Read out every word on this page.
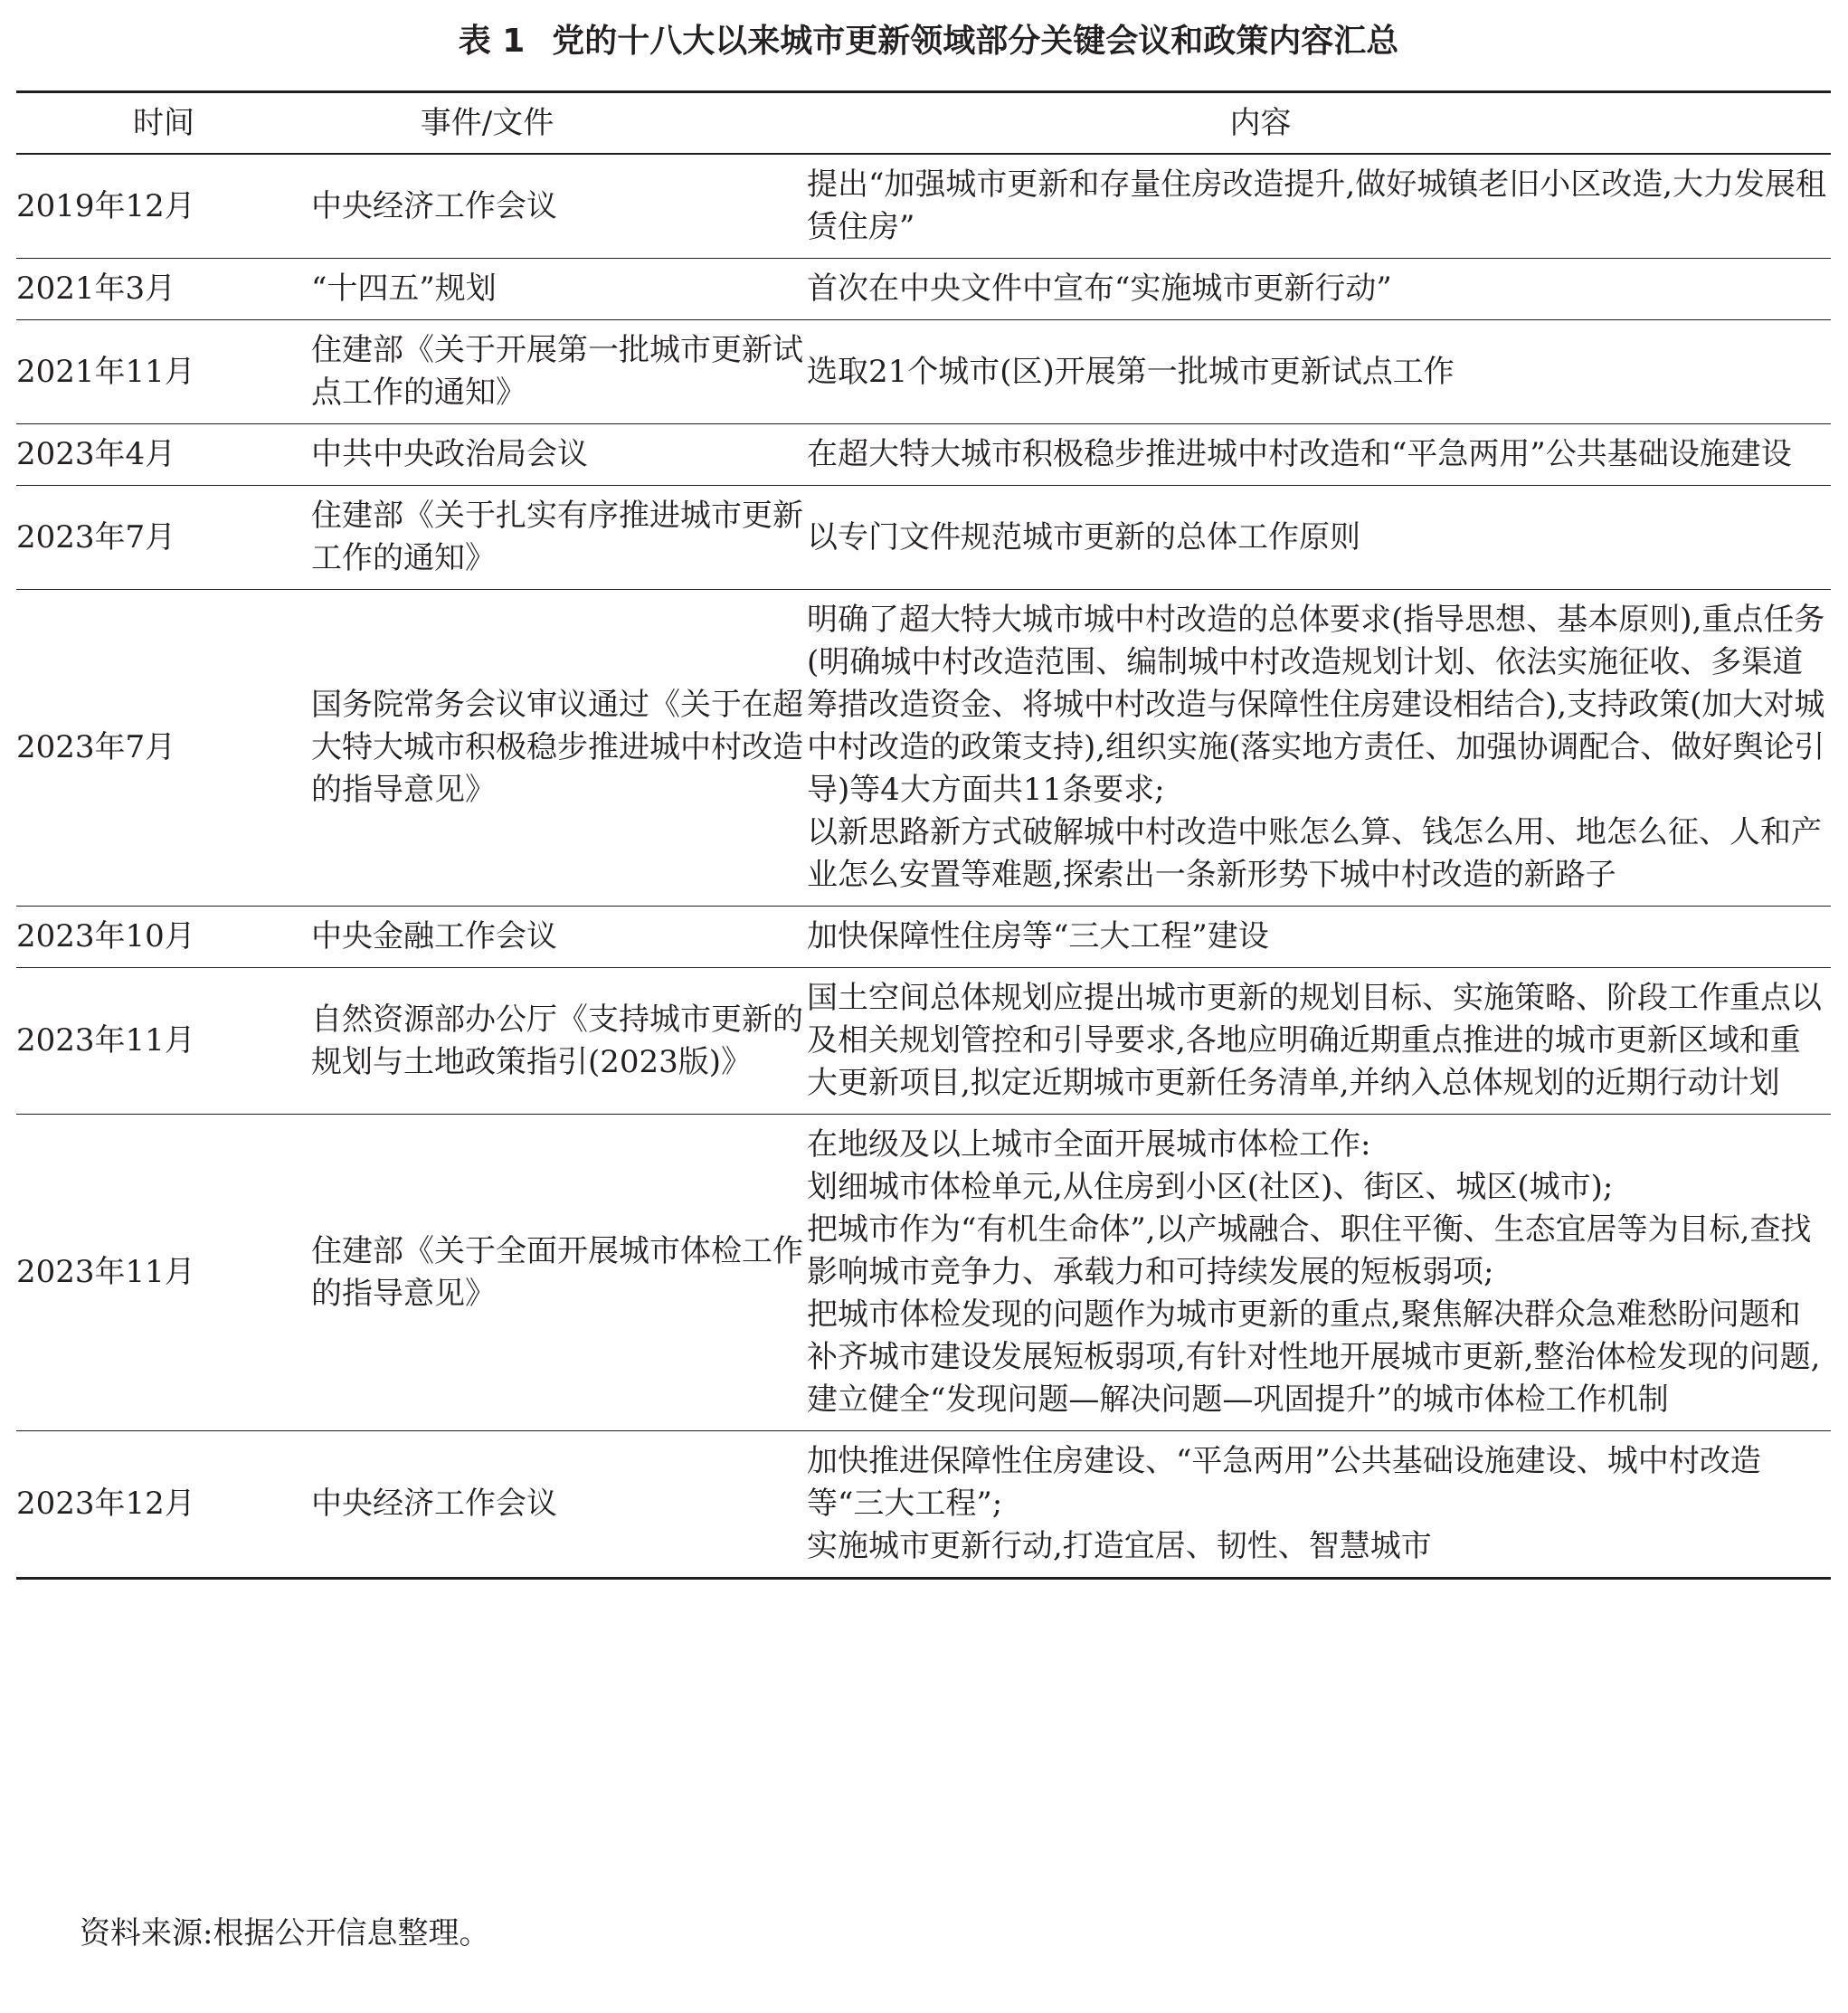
表 1 党的十八大以来城市更新领域部分关键会议和政策内容汇总
时间	事件/文件	内容
2019年12月	中央经济工作会议	提出“加强城市更新和存量住房改造提升,做好城镇老旧小区改造,大力发展租赁住房”

2021年3月	“十四五”规划	首次在中央文件中宣布“实施城市更新行动”

2021年11月	住建部《关于开展第一批城市更新试点工作的通知》	选取21个城市(区)开展第一批城市更新试点工作

2023年4月	中共中央政治局会议	在超大特大城市积极稳步推进城中村改造和“平急两用”公共基础设施建设

2023年7月	住建部《关于扎实有序推进城市更新工作的通知》	以专门文件规范城市更新的总体工作原则

2023年7月	国务院常务会议审议通过《关于在超大特大城市积极稳步推进城中村改造的指导意见》	明确了超大特大城市城中村改造的总体要求(指导思想、基本原则),重点任务(明确城中村改造范围、编制城中村改造规划计划、依法实施征收、多渠道筹措改造资金、将城中村改造与保障性住房建设相结合),支持政策(加大对城中村改造的政策支持),组织实施(落实地方责任、加强协调配合、做好舆论引导)等4大方面共11条要求;
以新思路新方式破解城中村改造中账怎么算、钱怎么用、地怎么征、人和产业怎么安置等难题,探索出一条新形势下城中村改造的新路子

2023年10月	中央金融工作会议	加快保障性住房等“三大工程”建设

2023年11月	自然资源部办公厅《支持城市更新的规划与土地政策指引(2023版)》	国土空间总体规划应提出城市更新的规划目标、实施策略、阶段工作重点以及相关规划管控和引导要求,各地应明确近期重点推进的城市更新区域和重大更新项目,拟定近期城市更新任务清单,并纳入总体规划的近期行动计划

2023年11月	住建部《关于全面开展城市体检工作的指导意见》	在地级及以上城市全面开展城市体检工作:
划细城市体检单元,从住房到小区(社区)、街区、城区(城市);
把城市作为“有机生命体”,以产城融合、职住平衡、生态宜居等为目标,查找影响城市竞争力、承载力和可持续发展的短板弱项;
把城市体检发现的问题作为城市更新的重点,聚焦解决群众急难愁盼问题和补齐城市建设发展短板弱项,有针对性地开展城市更新,整治体检发现的问题,建立健全“发现问题—解决问题—巩固提升”的城市体检工作机制

2023年12月	中央经济工作会议	加快推进保障性住房建设、“平急两用”公共基础设施建设、城中村改造等“三大工程”;
实施城市更新行动,打造宜居、韧性、智慧城市
资料来源:根据公开信息整理。
